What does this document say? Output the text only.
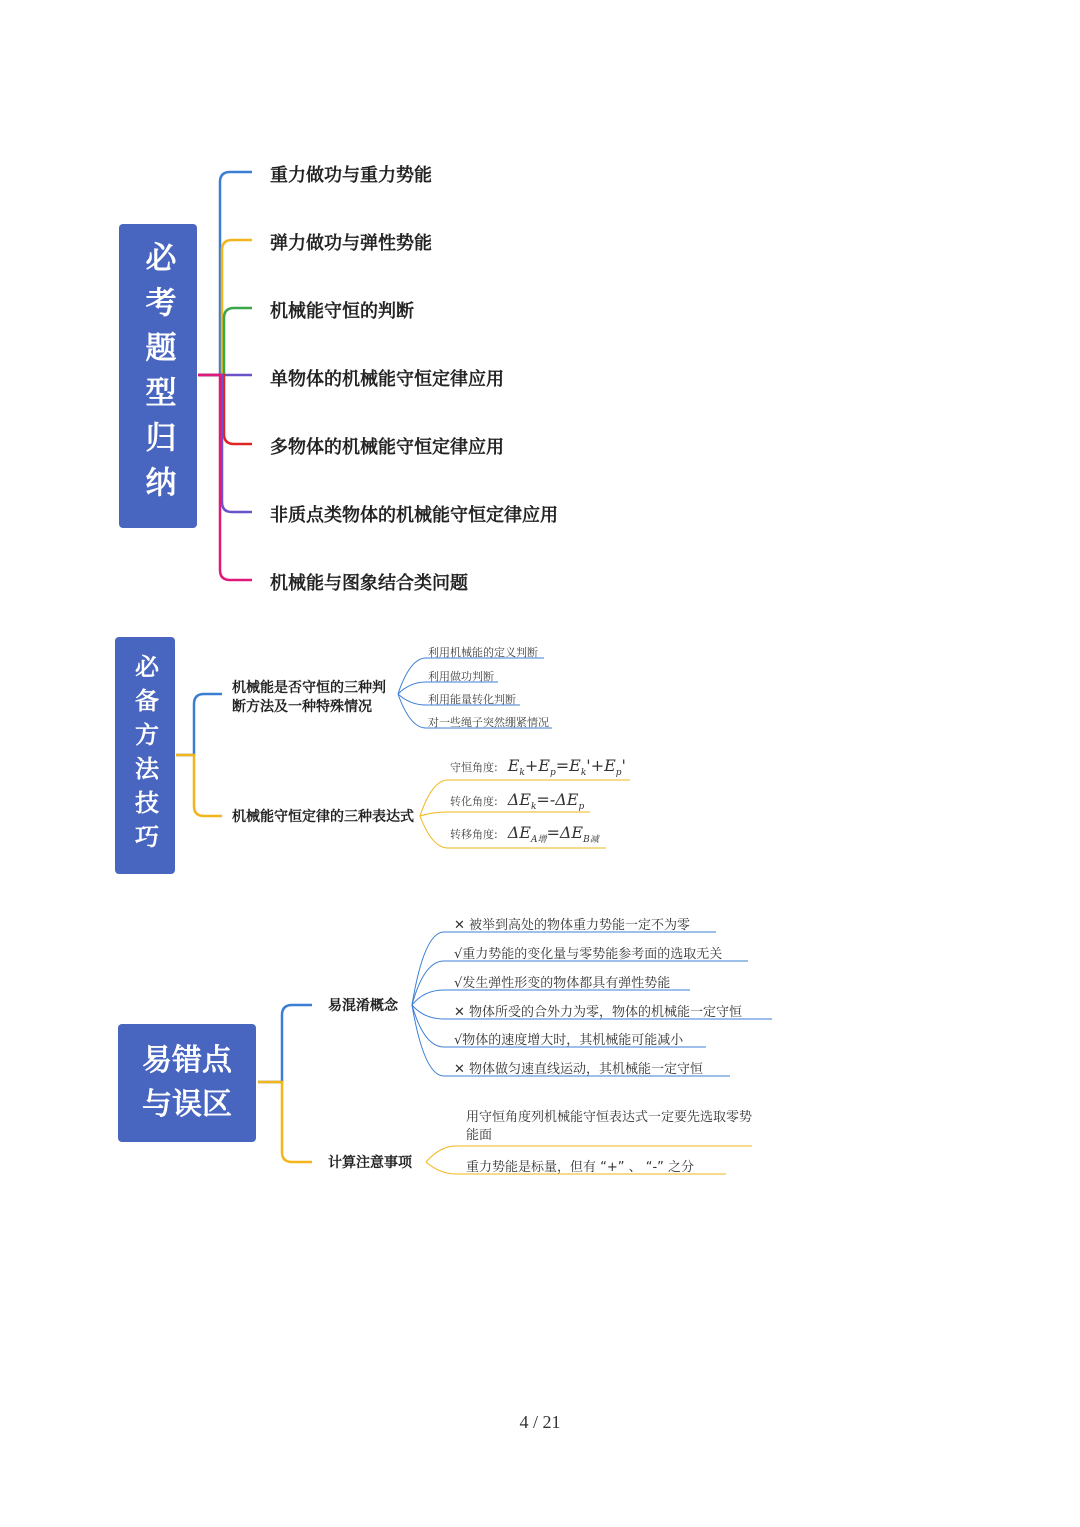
必考题型归纳
重力做功与重力势能
弹力做功与弹性势能
机械能守恒的判断
单物体的机械能守恒定律应用
多物体的机械能守恒定律应用
非质点类物体的机械能守恒定律应用
机械能与图象结合类问题
必备方法技巧	机械能是否守恒的三种判断方法及一种特殊情况
利用机械能的定义判断
利用做功判断
利用能量转化判断
对一些绳子突然绷紧情况
机械能守恒定律的三种表达式
守恒角度: $E_k+E_p=E_k'+E_p'$
转化角度: $\Delta E_k=-\Delta E_p$
转移角度: $\Delta E_{A增}=\Delta E_{B减}$
易错点
与误区
易混淆概念
✕ 被举到高处的物体重力势能一定不为零
√重力势能的变化量与零势能参考面的选取无关
√发生弹性形变的物体都具有弹性势能
✕ 物体所受的合外力为零，物体的机械能一定守恒
√物体的速度增大时，其机械能可能减小
✕ 物体做匀速直线运动，其机械能一定守恒
计算注意事项
用守恒角度列机械能守恒表达式一定要先选取零势能面
重力势能是标量，但有 “+” 、 “-” 之分
4 / 21
